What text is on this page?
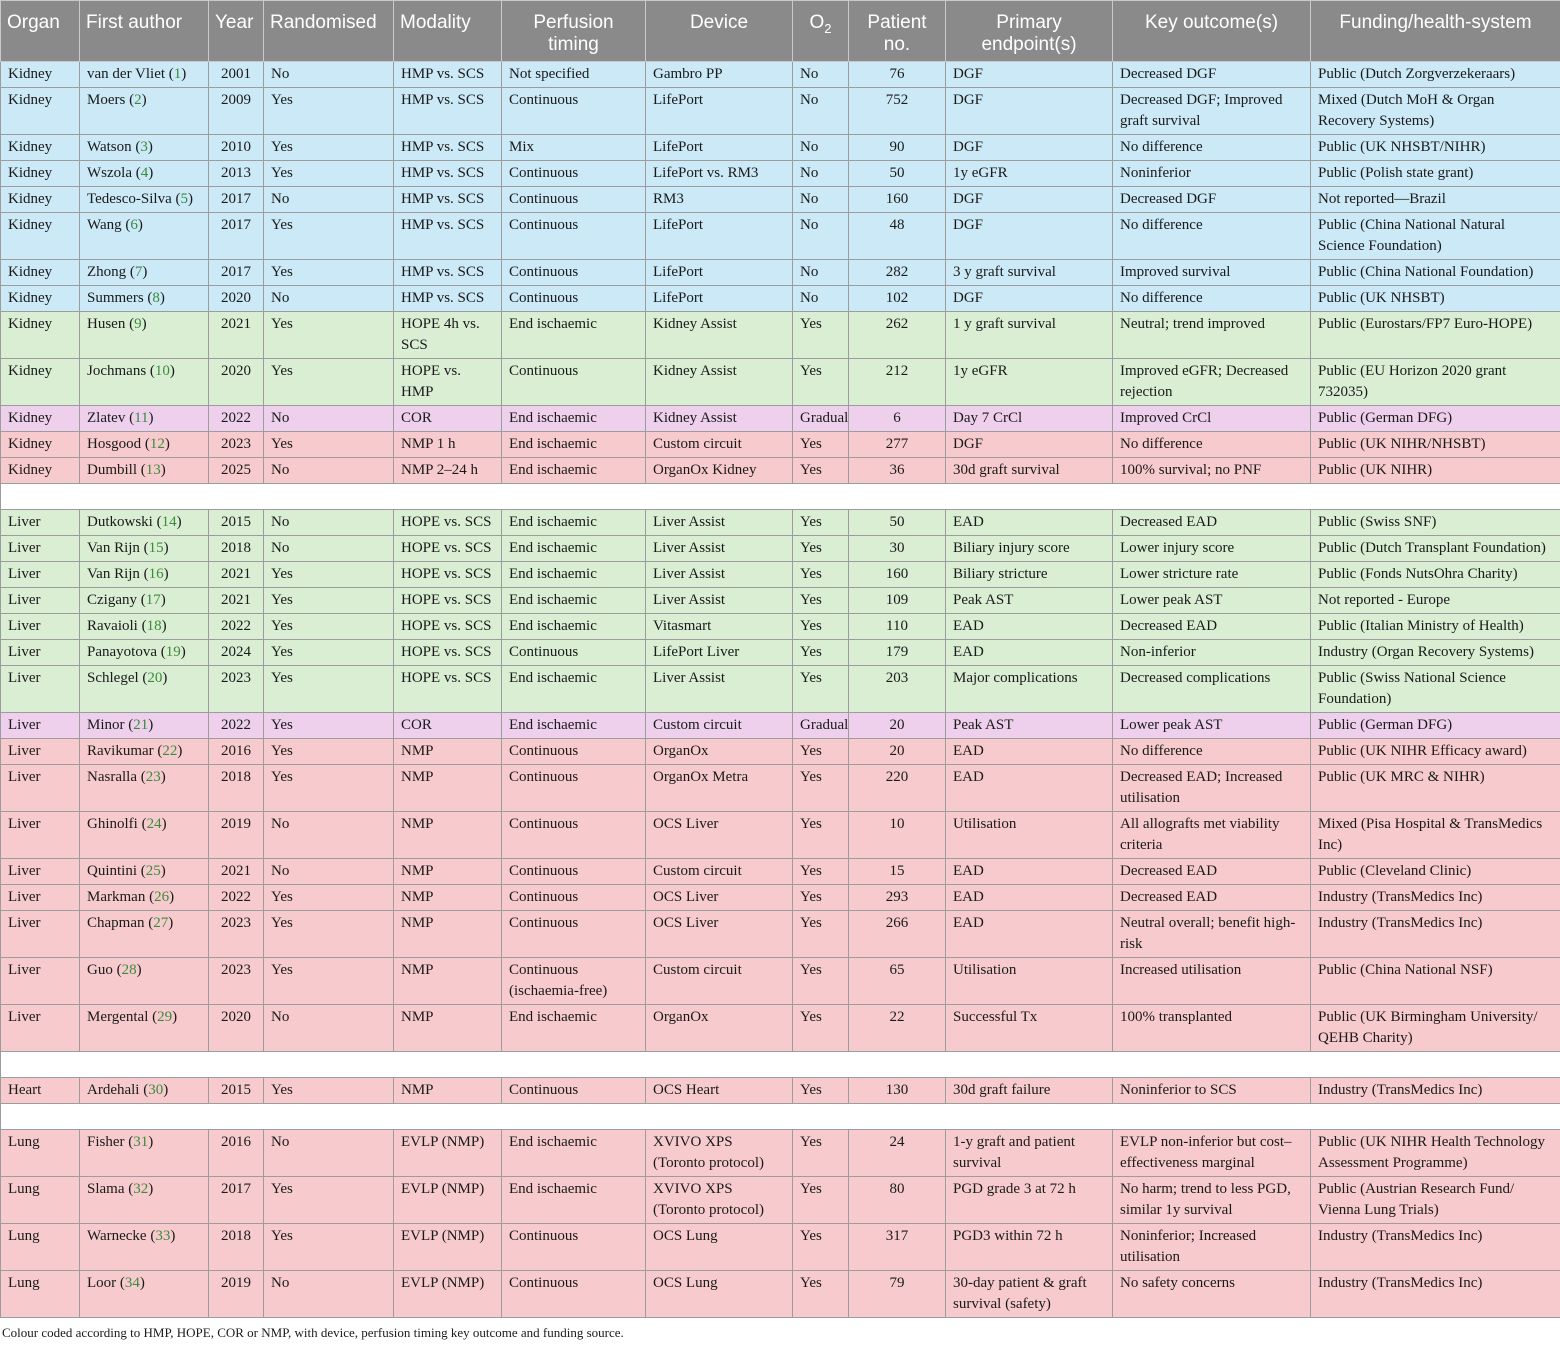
Organ	First author	Year	Randomised	Modality	Perfusion timing	Device	$O_2$	Patient no.	Primary endpoint(s)	Key outcome(s)	Funding/health-system
Kidney	van der Vliet (1)	2001	No	HMP vs. SCS	Not specified	Gambro PP	No	76	DGF	Decreased DGF	Public (Dutch Zorgverzekeraars)
Kidney	Moers (2)	2009	Yes	HMP vs. SCS	Continuous	LifePort	No	752	DGF	Decreased DGF; Improved graft survival	Mixed (Dutch MoH & Organ Recovery Systems)
Kidney	Watson (3)	2010	Yes	HMP vs. SCS	Mix	LifePort	No	90	DGF	No difference	Public (UK NHSBT/NIHR)
Kidney	Wszola (4)	2013	Yes	HMP vs. SCS	Continuous	LifePort vs. RM3	No	50	1y eGFR	Noninferior	Public (Polish state grant)
Kidney	Tedesco-Silva (5)	2017	No	HMP vs. SCS	Continuous	RM3	No	160	DGF	Decreased DGF	Not reported—Brazil
Kidney	Wang (6)	2017	Yes	HMP vs. SCS	Continuous	LifePort	No	48	DGF	No difference	Public (China National Natural Science Foundation)
Kidney	Zhong (7)	2017	Yes	HMP vs. SCS	Continuous	LifePort	No	282	3 y graft survival	Improved survival	Public (China National Foundation)
Kidney	Summers (8)	2020	No	HMP vs. SCS	Continuous	LifePort	No	102	DGF	No difference	Public (UK NHSBT)
Kidney	Husen (9)	2021	Yes	HOPE 4h vs. SCS	End ischaemic	Kidney Assist	Yes	262	1 y graft survival	Neutral; trend improved	Public (Eurostars/FP7 Euro-HOPE)
Kidney	Jochmans (10)	2020	Yes	HOPE vs. HMP	Continuous	Kidney Assist	Yes	212	1y eGFR	Improved eGFR; Decreased rejection	Public (EU Horizon 2020 grant 732035)
Kidney	Zlatev (11)	2022	No	COR	End ischaemic	Kidney Assist	Gradual	6	Day 7 CrCl	Improved CrCl	Public (German DFG)
Kidney	Hosgood (12)	2023	Yes	NMP 1 h	End ischaemic	Custom circuit	Yes	277	DGF	No difference	Public (UK NIHR/NHSBT)
Kidney	Dumbill (13)	2025	No	NMP 2–24 h	End ischaemic	OrganOx Kidney	Yes	36	30d graft survival	100% survival; no PNF	Public (UK NIHR)

Liver	Dutkowski (14)	2015	No	HOPE vs. SCS	End ischaemic	Liver Assist	Yes	50	EAD	Decreased EAD	Public (Swiss SNF)
Liver	Van Rijn (15)	2018	No	HOPE vs. SCS	End ischaemic	Liver Assist	Yes	30	Biliary injury score	Lower injury score	Public (Dutch Transplant Foundation)
Liver	Van Rijn (16)	2021	Yes	HOPE vs. SCS	End ischaemic	Liver Assist	Yes	160	Biliary stricture	Lower stricture rate	Public (Fonds NutsOhra Charity)
Liver	Czigany (17)	2021	Yes	HOPE vs. SCS	End ischaemic	Liver Assist	Yes	109	Peak AST	Lower peak AST	Not reported - Europe
Liver	Ravaioli (18)	2022	Yes	HOPE vs. SCS	End ischaemic	Vitasmart	Yes	110	EAD	Decreased EAD	Public (Italian Ministry of Health)
Liver	Panayotova (19)	2024	Yes	HOPE vs. SCS	Continuous	LifePort Liver	Yes	179	EAD	Non-inferior	Industry (Organ Recovery Systems)
Liver	Schlegel (20)	2023	Yes	HOPE vs. SCS	End ischaemic	Liver Assist	Yes	203	Major complications	Decreased complications	Public (Swiss National Science Foundation)
Liver	Minor (21)	2022	Yes	COR	End ischaemic	Custom circuit	Gradual	20	Peak AST	Lower peak AST	Public (German DFG)
Liver	Ravikumar (22)	2016	Yes	NMP	Continuous	OrganOx	Yes	20	EAD	No difference	Public (UK NIHR Efficacy award)
Liver	Nasralla (23)	2018	Yes	NMP	Continuous	OrganOx Metra	Yes	220	EAD	Decreased EAD; Increased utilisation	Public (UK MRC & NIHR)
Liver	Ghinolfi (24)	2019	No	NMP	Continuous	OCS Liver	Yes	10	Utilisation	All allografts met viability criteria	Mixed (Pisa Hospital & TransMedics Inc)
Liver	Quintini (25)	2021	No	NMP	Continuous	Custom circuit	Yes	15	EAD	Decreased EAD	Public (Cleveland Clinic)
Liver	Markman (26)	2022	Yes	NMP	Continuous	OCS Liver	Yes	293	EAD	Decreased EAD	Industry (TransMedics Inc)
Liver	Chapman (27)	2023	Yes	NMP	Continuous	OCS Liver	Yes	266	EAD	Neutral overall; benefit high-risk	Industry (TransMedics Inc)
Liver	Guo (28)	2023	Yes	NMP	Continuous (ischaemia-free)	Custom circuit	Yes	65	Utilisation	Increased utilisation	Public (China National NSF)
Liver	Mergental (29)	2020	No	NMP	End ischaemic	OrganOx	Yes	22	Successful Tx	100% transplanted	Public (UK Birmingham University/ QEHB Charity)

Heart	Ardehali (30)	2015	Yes	NMP	Continuous	OCS Heart	Yes	130	30d graft failure	Noninferior to SCS	Industry (TransMedics Inc)

Lung	Fisher (31)	2016	No	EVLP (NMP)	End ischaemic	XVIVO XPS (Toronto protocol)	Yes	24	1-y graft and patient survival	EVLP non-inferior but cost–effectiveness marginal	Public (UK NIHR Health Technology Assessment Programme)
Lung	Slama (32)	2017	Yes	EVLP (NMP)	End ischaemic	XVIVO XPS (Toronto protocol)	Yes	80	PGD grade 3 at 72 h	No harm; trend to less PGD, similar 1y survival	Public (Austrian Research Fund/ Vienna Lung Trials)
Lung	Warnecke (33)	2018	Yes	EVLP (NMP)	Continuous	OCS Lung	Yes	317	PGD3 within 72 h	Noninferior; Increased utilisation	Industry (TransMedics Inc)
Lung	Loor (34)	2019	No	EVLP (NMP)	Continuous	OCS Lung	Yes	79	30-day patient & graft survival (safety)	No safety concerns	Industry (TransMedics Inc)
Colour coded according to HMP, HOPE, COR or NMP, with device, perfusion timing key outcome and funding source.
